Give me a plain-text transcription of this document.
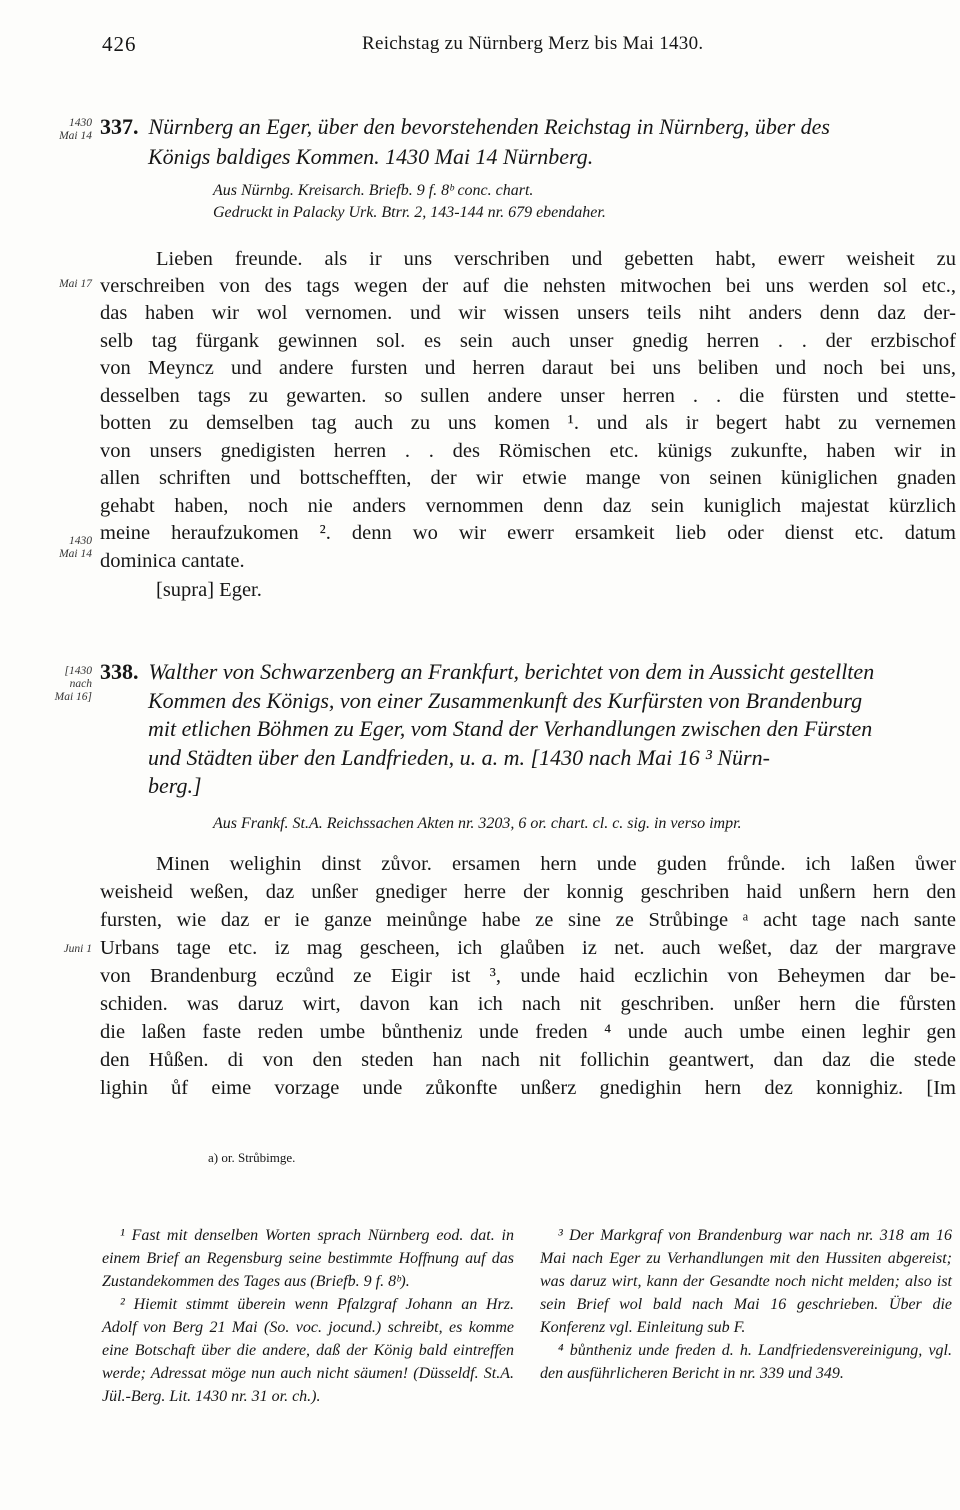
426	Reichstag zu Nürnberg Merz bis Mai 1430.
1430
Mai 14 337. Nürnberg an Eger, über den bevorstehenden Reichstag in Nürnberg, über des
Königs baldiges Kommen. 1430 Mai 14 Nürnberg.
Aus Nürnbg. Kreisarch. Briefb. 9 f. 8ᵇ conc. chart.
Gedruckt in Palacky Urk. Btrr. 2, 143-144 nr. 679 ebendaher.
Mai 17
1430
Mai 14
Lieben freunde. als ir uns verschriben und gebetten habt, ewerr weisheit zu
verschreiben von des tags wegen der auf die nehsten mitwochen bei uns werden sol etc.,
das haben wir wol vernomen. und wir wissen unsers teils niht anders denn daz der-
selb tag fürgank gewinnen sol. es sein auch unser gnedig herren . . der erzbischof
von Meyncz und andere fursten und herren daraut bei uns beliben und noch bei uns,
desselben tags zu gewarten. so sullen andere unser herren . . die fürsten und stette-
botten zu demselben tag auch zu uns komen ¹. und als ir begert habt zu vernemen
von unsers gnedigisten herren . . des Römischen etc. künigs zukunfte, haben wir in
allen schriften und bottschefften, der wir etwie mange von seinen küniglichen gnaden
gehabt haben, noch nie anders vernommen denn daz sein kuniglich majestat kürzlich
meine heraufzukomen ². denn wo wir ewerr ersamkeit lieb oder dienst etc. datum
dominica cantate.
[supra] Eger.
[1430
nach
Mai 16]
338. Walther von Schwarzenberg an Frankfurt, berichtet von dem in Aussicht gestellten
Kommen des Königs, von einer Zusammenkunft des Kurfürsten von Brandenburg
mit etlichen Böhmen zu Eger, vom Stand der Verhandlungen zwischen den Fürsten
und Städten über den Landfrieden, u. a. m. [1430 nach Mai 16 ³ Nürn-
berg.]
Aus Frankf. St.A. Reichssachen Akten nr. 3203, 6 or. chart. cl. c. sig. in verso impr.
Juni 1
Minen welighin dinst zůvor. ersamen hern unde guden frůnde. ich laßen ůwer
weisheid weßen, daz unßer gnediger herre der konnig geschriben haid unßern hern den
fursten, wie daz er ie ganze meinůnge habe ze sine ze Strůbinge ᵃ acht tage nach sante
Urbans tage etc. iz mag gescheen, ich glaůben iz net. auch weßet, daz der margrave
von Brandenburg eczůnd ze Eigir ist ³, unde haid eczlichin von Beheymen dar be-
schiden. was daruz wirt, davon kan ich nach nit geschriben. unßer hern die fůrsten
die laßen faste reden umbe bůntheniz unde freden ⁴ unde auch umbe einen leghir gen
den Hůßen. di von den steden han nach nit follichin geantwert, dan daz die stede
lighin ůf eime vorzage unde zůkonfte unßerz gnedighin hern dez konnighiz. [Im
a) or. Strůbimge.

¹ Fast mit denselben Worten sprach Nürnberg eod. dat. in einem Brief an Regensburg seine bestimmte Hoffnung auf das Zustandekommen des Tages aus (Briefb. 9 f. 8ᵇ).

² Hiemit stimmt überein wenn Pfalzgraf Johann an Hrz. Adolf von Berg 21 Mai (So. voc. jocund.) schreibt, es komme eine Botschaft über die andere, daß der König bald eintreffen werde; Adressat möge nun auch nicht säumen! (Düsseldf. St.A. Jül.-Berg. Lit. 1430 nr. 31 or. ch.).

³ Der Markgraf von Brandenburg war nach nr. 318 am 16 Mai nach Eger zu Verhandlungen mit den Hussiten abgereist; was daruz wirt, kann der Gesandte noch nicht melden; also ist sein Brief wol bald nach Mai 16 geschrieben. Über die Konferenz vgl. Einleitung sub F.

⁴ bůntheniz unde freden d. h. Landfriedensvereinigung, vgl. den ausführlicheren Bericht in nr. 339 und 349.
